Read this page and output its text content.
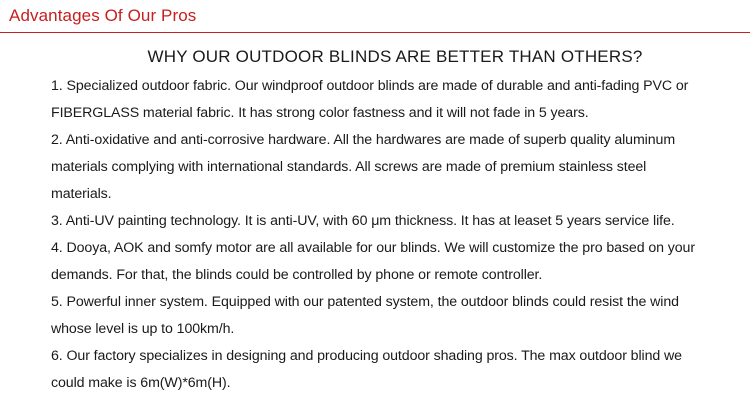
Advantages Of Our Pros
WHY OUR OUTDOOR BLINDS ARE BETTER THAN OTHERS?
1. Specialized outdoor fabric. Our windproof outdoor blinds are made of durable and anti-fading PVC or
FIBERGLASS material fabric. It has strong color fastness and it will not fade in 5 years.
2. Anti-oxidative and anti-corrosive hardware. All the hardwares are made of superb quality aluminum
materials complying with international standards. All screws are made of premium stainless steel
materials.
3. Anti-UV painting technology. It is anti-UV, with 60 μm thickness. It has at leaset 5 years service life.
4. Dooya, AOK and somfy motor are all available for our blinds. We will customize the pro based on your
demands. For that, the blinds could be controlled by phone or remote controller.
5. Powerful inner system. Equipped with our patented system, the outdoor blinds could resist the wind
whose level is up to 100km/h.
6. Our factory specializes in designing and producing outdoor shading pros. The max outdoor blind we
could make is 6m(W)*6m(H).
